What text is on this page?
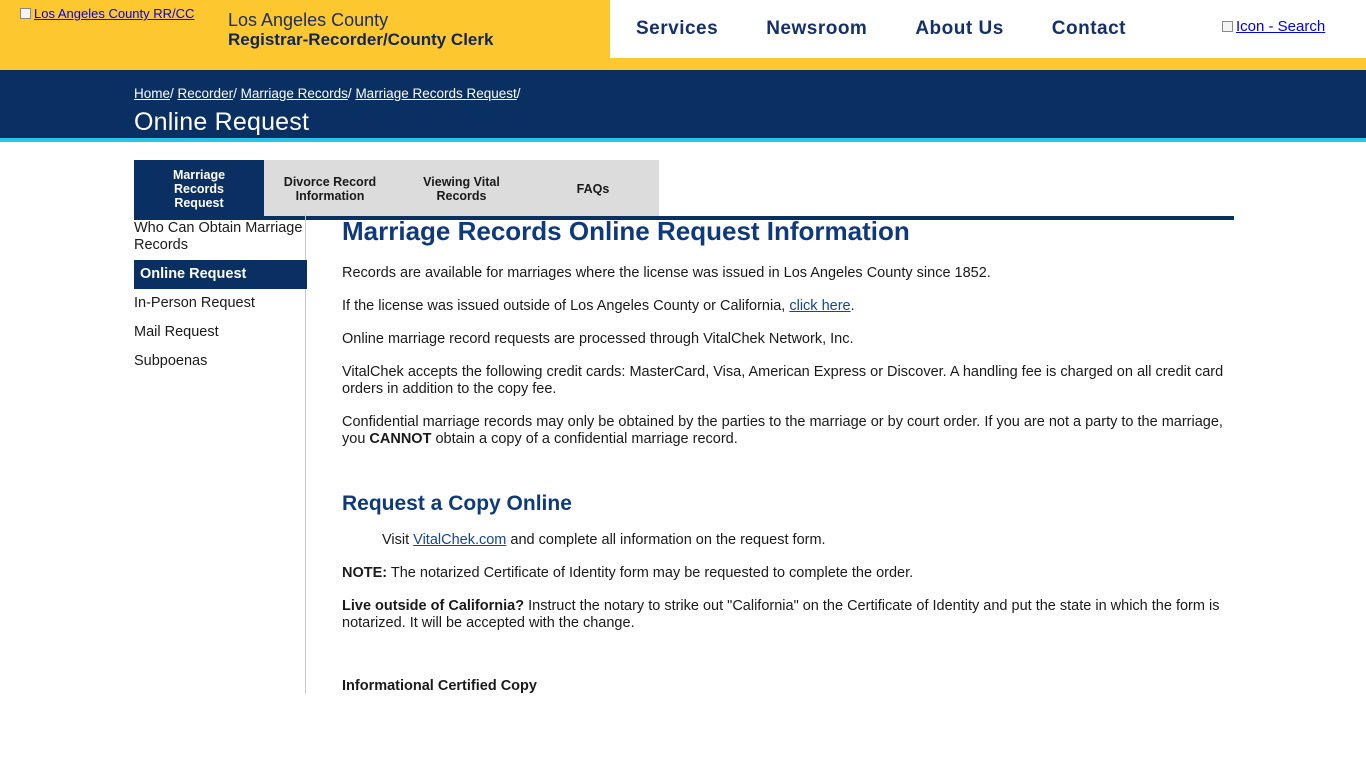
Los Angeles County RR/CC Los Angeles County
Registrar-Recorder/County Clerk
Services	Newsroom	About Us	Contact	Icon - Search
Home/ Recorder/ Marriage Records/ Marriage Records Request/
Online Request
Marriage Records Request
Divorce Record Information
Viewing Vital Records	FAQs
Who Can Obtain Marriage Records
Online Request
In-Person Request
Mail Request
Subpoenas
Marriage Records Online Request Information

Records are available for marriages where the license was issued in Los Angeles County since 1852.

If the license was issued outside of Los Angeles County or California, click here.

Online marriage record requests are processed through VitalChek Network, Inc.

VitalChek accepts the following credit cards: MasterCard, Visa, American Express or Discover. A handling fee is charged on all credit card orders in addition to the copy fee.

Confidential marriage records may only be obtained by the parties to the marriage or by court order. If you are not a party to the marriage, you CANNOT obtain a copy of a confidential marriage record.

Request a Copy Online

Visit VitalChek.com and complete all information on the request form.

NOTE: The notarized Certificate of Identity form may be requested to complete the order.

Live outside of California? Instruct the notary to strike out "California" on the Certificate of Identity and put the state in which the form is notarized. It will be accepted with the change.

Informational Certified Copy
